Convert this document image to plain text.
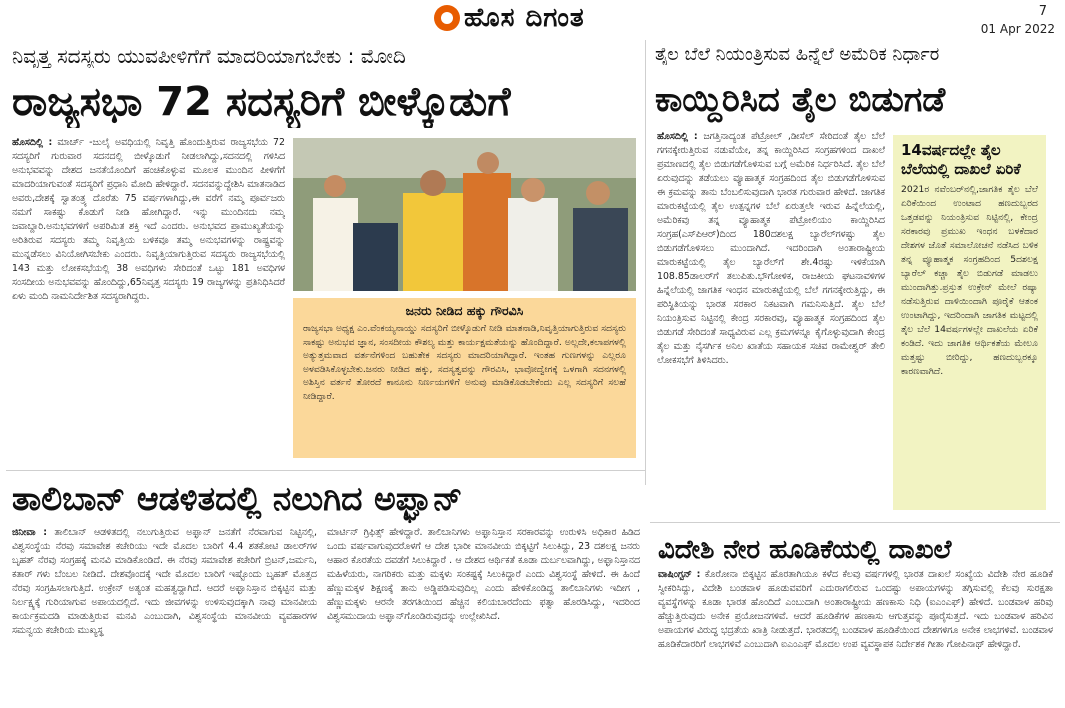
ಹೊಸ ದಿಗಂತ	7
01 Apr 2022
ನಿವೃತ್ತ ಸದಸ್ಯರು ಯುವಪೀಳಿಗೆಗೆ ಮಾದರಿಯಾಗಬೇಕು : ಮೋದಿ
ರಾಜ್ಯಸಭಾ 72 ಸದಸ್ಯರಿಗೆ ಬೀಳ್ಕೊಡುಗೆ
ಹೊಸದಿಲ್ಲಿ : ಮಾರ್ಚ್ -ಜುಲೈ ಅವಧಿಯಲ್ಲಿ ನಿವೃತ್ತಿ ಹೊಂದುತ್ತಿರುವ ರಾಜ್ಯಸಭೆಯ 72 ಸದಸ್ಯರಿಗೆ ಗುರುವಾರ ಸದನದಲ್ಲಿ ಬೀಳ್ಕೊಡುಗೆ ನೀಡಲಾಗಿದ್ದು,ಸದನದಲ್ಲಿ ಗಳಿಸಿದ ಅನುಭವವನ್ನು ದೇಶದ ಜನತೆಯೊಂದಿಗೆ ಹಂಚಿಕೊಳ್ಳುವ ಮೂಲಕ ಮುಂದಿನ ಪೀಳಿಗೆಗೆ ಮಾದರಿಯಾಗುವಂತೆ ಸದಸ್ಯರಿಗೆ ಪ್ರಧಾನಿ ಮೋದಿ ಹೇಳಿದ್ದಾರೆ. ಸದನವನ್ನುದ್ದೇಶಿಸಿ ಮಾತನಾಡಿದ ಅವರು,ದೇಶಕ್ಕೆ ಸ್ವಾತಂತ್ರ್ಯ ದೊರೆತು 75 ವರ್ಷಗಳಾಗಿದ್ದು,ಈ ವರೆಗೆ ನಮ್ಮ ಪೂರ್ವಜರು ನಮಗೆ ಸಾಕಷ್ಟು ಕೊಡುಗೆ ನೀಡಿ ಹೋಗಿದ್ದಾರೆ. ಇನ್ನು ಮುಂದಿನದು ನಮ್ಮ ಜವಾಬ್ದಾರಿ.ಅನುಭವಗಳಿಗೆ ಅಪರಿಮಿತ ಶಕ್ತಿ ಇದೆ ಎಂದರು. ಅನುಭವದ ಪ್ರಾಮುಖ್ಯತೆಯನ್ನು ಅರಿತಿರುವ ಸದಸ್ಯರು ತಮ್ಮ ನಿವೃತ್ತಿಯ ಬಳಿಕವೂ ತಮ್ಮ ಅನುಭವಗಳನ್ನು ರಾಷ್ಟ್ರವನ್ನು ಮುನ್ನಡೆಸಲು ವಿನಿಯೋಗಿಸಬೇಕು ಎಂದರು. ನಿವೃತ್ತಿಯಾಗುತ್ತಿರುವ ಸದಸ್ಯರು ರಾಜ್ಯಸಭೆಯಲ್ಲಿ 143 ಮತ್ತು ಲೋಕಸಭೆಯಲ್ಲಿ 38 ಅವಧಿಗಳು ಸೇರಿದಂತೆ ಒಟ್ಟು 181 ಅವಧಿಗಳ ಸಂಸದೀಯ ಅನುಭವವನ್ನು ಹೊಂದಿದ್ದು,65ನಿವೃತ್ತ ಸದಸ್ಯರು 19 ರಾಜ್ಯಗಳನ್ನು ಪ್ರತಿನಿಧಿಸಿದರೆ ಏಳು ಮಂದಿ ನಾಮನಿರ್ದೇಶಿತ ಸದಸ್ಯರಾಗಿದ್ದರು.
ಜನರು ನೀಡಿದ ಹಕ್ಕು ಗೌರವಿಸಿ
ರಾಜ್ಯಸಭಾ ಅಧ್ಯಕ್ಷ ಎಂ.ವೆಂಕಯ್ಯನಾಯ್ಡು ಸದಸ್ಯರಿಗೆ ಬೀಳ್ಕೊಡುಗೆ ನೀಡಿ ಮಾತನಾಡಿ,ನಿವೃತ್ತಿಯಾಗುತ್ತಿರುವ ಸದಸ್ಯರು ಸಾಕಷ್ಟು ಅನುಭವ ಜ್ಞಾನ, ಸಂಸದೀಯ ಕೌಶಲ್ಯ ಮತ್ತು ಕಾರ್ಯಕ್ಷಮತೆಯನ್ನು ಹೊಂದಿದ್ದಾರೆ. ಅಲ್ಲದೇ,ಕಲಾಪಗಳಲ್ಲಿ ಅತ್ಯುತ್ತಮವಾದ ವರ್ತನೆಗಳಿಂದ ಬಹುತೇಕ ಸದಸ್ಯರು ಮಾದರಿಯಾಗಿದ್ದಾರೆ. ಇಂತಹ ಗುಣಗಳನ್ನು ಎಲ್ಲರೂ ಅಳವಡಿಸಿಕೊಳ್ಳಬೇಕು.ಜನರು ನೀಡಿದ ಹಕ್ಕು, ಸದಸ್ಯತ್ವವನ್ನು ಗೌರವಿಸಿ, ಭಾವೋದ್ವೇಗಕ್ಕೆ ಒಳಗಾಗಿ ಸದನಗಳಲ್ಲಿ ಅಶಿಸ್ತಿನ ವರ್ತನೆ ತೋರದೆ ಕಾನೂನು ನಿರ್ಣಯಗಳಿಗೆ ಅನುವು ಮಾಡಿಕೊಡಬೇಕೆಂದು ಎಲ್ಲ ಸದಸ್ಯರಿಗೆ ಸಲಹೆ ನೀಡಿದ್ದಾರೆ.
ತೈಲ ಬೆಲೆ ನಿಯಂತ್ರಿಸುವ ಹಿನ್ನೆಲೆ ಅಮೆರಿಕ ನಿರ್ಧಾರ
ಕಾಯ್ದಿರಿಸಿದ ತೈಲ ಬಿಡುಗಡೆ
ಹೊಸದಿಲ್ಲಿ : ಜಗತ್ತಿನಾದ್ಯಂತ ಪೆಟ್ರೋಲ್ ,ಡೀಸೆಲ್ ಸೇರಿದಂತೆ ತೈಲ ಬೆಲೆ ಗಗನಕ್ಕೇರುತ್ತಿರುವ ನಡುವೆಯೇ, ತನ್ನ ಕಾಯ್ದಿರಿಸಿದ ಸಂಗ್ರಹಗಳಿಂದ ದಾಖಲೆ ಪ್ರಮಾಣದಲ್ಲಿ ತೈಲ ಬಿಡುಗಡೆಗೊಳಿಸುವ ಬಗ್ಗೆ ಅಮೆರಿಕ ನಿರ್ಧರಿಸಿದೆ. ತೈಲ ಬೆಲೆ ಏರುವುದನ್ನು ತಡೆಯಲು ವ್ಯೂಹಾತ್ಮಕ ಸಂಗ್ರಹದಿಂದ ತೈಲ ಬಿಡುಗಡೆಗೊಳಿಸುವ ಈ ಕ್ರಮವನ್ನು ತಾನು ಬೆಂಬಲಿಸುವುದಾಗಿ ಭಾರತ ಗುರುವಾರ ಹೇಳಿದೆ. ಜಾಗತಿಕ ಮಾರುಕಟ್ಟೆಯಲ್ಲಿ ತೈಲ ಉತ್ಪನ್ನಗಳ ಬೆಲೆ ಏರುತ್ತಲೇ ಇರುವ ಹಿನ್ನೆಲೆಯಲ್ಲಿ, ಅಮೆರಿಕವು ತನ್ನ ವ್ಯೂಹಾತ್ಮಕ ಪೆಟ್ರೋಲಿಯಂ ಕಾಯ್ದಿರಿಸಿದ ಸಂಗ್ರಹ(ಎಸ್‌ಪಿಆರ್)ದಿಂದ 180ದಶಲಕ್ಷ ಬ್ಯಾರೆಲ್‌ಗಳಷ್ಟು ತೈಲ ಬಿಡುಗಡೆಗೊಳಿಸಲು ಮುಂದಾಗಿದೆ. ಇದರಿಂದಾಗಿ ಅಂತಾರಾಷ್ಟ್ರೀಯ ಮಾರುಕಟ್ಟೆಯಲ್ಲಿ ತೈಲ ಬ್ಯಾರೆಲ್‌ಗೆ ಶೇ.4ರಷ್ಟು ಇಳಿಕೆಯಾಗಿ 108.85ಡಾಲರ್‌ಗೆ ತಲುಪಿತು.ಭೌಗೋಳಿಕ, ರಾಜಕೀಯ ಘಟನಾವಳಿಗಳ ಹಿನ್ನೆಲೆಯಲ್ಲಿ ಜಾಗತಿಕ ಇಂಧನ ಮಾರುಕಟ್ಟೆಯಲ್ಲಿ ಬೆಲೆ ಗಗನಕ್ಕೇರುತ್ತಿದ್ದು, ಈ ಪರಿಸ್ಥಿತಿಯನ್ನು ಭಾರತ ಸರಕಾರ ನಿಕಟವಾಗಿ ಗಮನಿಸುತ್ತಿದೆ. ತೈಲ ಬೆಲೆ ನಿಯಂತ್ರಿಸುವ ನಿಟ್ಟಿನಲ್ಲಿ ಕೇಂದ್ರ ಸರಕಾರವು, ವ್ಯೂಹಾತ್ಮಕ ಸಂಗ್ರಹದಿಂದ ತೈಲ ಬಿಡುಗಡೆ ಸೇರಿದಂತೆ ಸಾಧ್ಯವಿರುವ ಎಲ್ಲ ಕ್ರಮಗಳನ್ನೂ ಕೈಗೊಳ್ಳುವುದಾಗಿ ಕೇಂದ್ರ ತೈಲ ಮತ್ತು ನೈಸರ್ಗಿಕ ಅನಿಲ ಖಾತೆಯ ಸಹಾಯಕ ಸಚಿವ ರಾಮೇಶ್ವರ್ ತೇಲಿ ಲೋಕಸಭೆಗೆ ತಿಳಿಸಿದರು.
14ವರ್ಷದಲ್ಲೇ ತೈಲ ಬೆಲೆಯಲ್ಲಿ ದಾಖಲೆ ಏರಿಕೆ
2021ರ ನವೆಂಬರ್‌ನಲ್ಲಿ,ಜಾಗತಿಕ ತೈಲ ಬೆಲೆ ಏರಿಕೆಯಿಂದ ಉಂಟಾದ ಹಣದುಬ್ಬರದ ಒತ್ತಡವನ್ನು ನಿಯಂತ್ರಿಸುವ ನಿಟ್ಟಿನಲ್ಲಿ, ಕೇಂದ್ರ ಸರಕಾರವು ಪ್ರಮುಖ ಇಂಧನ ಬಳಕೆದಾರ ದೇಶಗಳ ಜೊತೆ ಸಮಾಲೋಚನೆ ನಡೆಸಿದ ಬಳಿಕ ತನ್ನ ವ್ಯೂಹಾತ್ಮಕ ಸಂಗ್ರಹದಿಂದ 5ದಶಲಕ್ಷ ಬ್ಯಾರೆಲ್ ಕಚ್ಚಾ ತೈಲ ಬಿಡುಗಡೆ ಮಾಡಲು ಮುಂದಾಗಿತ್ತು.ಪ್ರಸ್ತುತ ಉಕ್ರೇನ್ ಮೇಲೆ ರಷ್ಯಾ ನಡೆಸುತ್ತಿರುವ ದಾಳಿಯಿಂದಾಗಿ ಪೂರೈಕೆ ಆತಂಕ ಉಂಟಾಗಿದ್ದು, ಇದರಿಂದಾಗಿ ಜಾಗತಿಕ ಮಟ್ಟದಲ್ಲಿ ತೈಲ ಬೆಲೆ 14ವರ್ಷಗಳಲ್ಲೇ ದಾಖಲೆಯ ಏರಿಕೆ ಕಂಡಿದೆ. ಇದು ಜಾಗತಿಕ ಆರ್ಥಿಕತೆಯ ಮೇಲೂ ಮತ್ತಷ್ಟು ಬೀರಿದ್ದು, ಹಣದುಬ್ಬರಕ್ಕೂ ಕಾರಣವಾಗಿದೆ.
ತಾಲಿಬಾನ್ ಆಡಳಿತದಲ್ಲಿ ನಲುಗಿದ ಅಫ್ಘಾನ್
ಜಿನೀವಾ : ತಾಲಿಬಾನ್ ಆಡಳಿತದಲ್ಲಿ ನಲುಗುತ್ತಿರುವ ಅಫ್ಘಾನ್ ಜನತೆಗೆ ನೆರವಾಗುವ ನಿಟ್ಟಿನಲ್ಲಿ, ವಿಶ್ವಸಂಸ್ಥೆಯ ನೆರವು ಸಮಾವೇಶ ಕಚೇರಿಯು ಇದೇ ಮೊದಲ ಬಾರಿಗೆ 4.4 ಶತಕೋಟಿ ಡಾಲರ್‌ಗಳ ಬೃಹತ್ ನೆರವು ಸಂಗ್ರಹಕ್ಕೆ ಮನವಿ ಮಾಡಿಕೊಂಡಿದೆ. ಈ ನೆರವು ಸಮಾವೇಶ ಕಚೇರಿಗೆ ಬ್ರಿಟನ್,ಜರ್ಮನಿ, ಕತಾರ್ ಗಳು ಬೆಂಬಲ ನೀಡಿದೆ. ದೇಶವೊಂದಕ್ಕೆ ಇದೇ ಮೊದಲ ಬಾರಿಗೆ ಇಷ್ಟೊಂದು ಬೃಹತ್ ಮೊತ್ತದ ನೆರವು ಸಂಗ್ರಹಿಸಲಾಗುತ್ತಿದೆ. ಉಕ್ರೇನ್ ಅತ್ಯಂತ ಮಹತ್ವದ್ದಾಗಿದೆ. ಆದರೆ ಅಫ್ಘಾನಿಸ್ತಾನ ಬಿಕ್ಕಟ್ಟಿನ ಮತ್ತು ನಿರ್ಲಕ್ಷ್ಯಕ್ಕೆ ಗುರಿಯಾಗುವ ಅಪಾಯದಲ್ಲಿದೆ. ಇದು ಜೀವಗಳನ್ನು ಉಳಿಸುವುದಕ್ಕಾಗಿ ನಾವು ಮಾನವೀಯ ಕಾರ್ಯಕ್ರಮದಡಿ ಮಾಡುತ್ತಿರುವ ಮನವಿ ಎಂಬುದಾಗಿ, ವಿಶ್ವಸಂಸ್ಥೆಯ ಮಾನವೀಯ ವ್ಯವಹಾರಗಳ ಸಮನ್ವಯ ಕಚೇರಿಯ ಮುಖ್ಯಸ್ಥ
ಮಾರ್ಟಿನ್ ಗ್ರಿಫಿತ್ಸ್ ಹೇಳಿದ್ದಾರೆ. ತಾಲಿಬಾನಿಗಳು ಅಫ್ಘಾನಿಸ್ತಾನ ಸರಕಾರವನ್ನು ಉರುಳಿಸಿ ಅಧಿಕಾರ ಹಿಡಿದ ಒಂದು ವರ್ಷವಾಗುವುದರೊಳಗೆ ಆ ದೇಶ ಭಾರೀ ಮಾನವೀಯ ಬಿಕ್ಕಟ್ಟಿಗೆ ಸಿಲುಕಿದ್ದು, 23 ದಶಲಕ್ಷ ಜನರು ಆಹಾರ ಕೊರತೆಯ ದವಡೆಗೆ ಸಿಲುಕಿದ್ದಾರೆ . ಆ ದೇಶದ ಆರ್ಥಿಕತೆ ಕೂಡಾ ದುರ್ಬಲವಾಗಿದ್ದು, ಅಫ್ಘಾನಿಸ್ತಾನದ ಮಹಿಳೆಯರು, ನಾಗರಿಕರು ಮತ್ತು ಮಕ್ಕಳು ಸಂಕಷ್ಟಕ್ಕೆ ಸಿಲುಕಿದ್ದಾರೆ ಎಂದು ವಿಶ್ವಸಂಸ್ಥೆ ಹೇಳಿದೆ. ಈ ಹಿಂದೆ ಹೆಣ್ಣುಮಕ್ಕಳ ಶಿಕ್ಷಣಕ್ಕೆ ತಾನು ಅಡ್ಡಿಪಡಿಸುವುದಿಲ್ಲ ಎಂದು ಹೇಳಿಕೊಂಡಿದ್ದ ತಾಲಿಬಾನಿಗಳು ಇದೀಗ , ಹೆಣ್ಣುಮಕ್ಕಳು ಆರನೇ ತರಗತಿಯಿಂದ ಹೆಚ್ಚಿನ ಕಲಿಯಬಾರದೆಂದು ಫತ್ವಾ ಹೊರಡಿಸಿದ್ದು, ಇದರಿಂದ ವಿಶ್ವಸಮುದಾಯ ಅಫ್ಘಾನ್‌ಗೊಂಡಿರುವುದನ್ನು ಉಲ್ಲೇಖಿಸಿದೆ.
ವಿದೇಶಿ ನೇರ ಹೂಡಿಕೆಯಲ್ಲಿ ದಾಖಲೆ
ವಾಷಿಂಗ್ಟನ್ : ಕೊರೋನಾ ಬಿಕ್ಕಟ್ಟಿನ ಹೊರತಾಗಿಯೂ ಕಳೆದ ಕೆಲವು ವರ್ಷಗಳಲ್ಲಿ ಭಾರತ ದಾಖಲೆ ಸಂಖ್ಯೆಯ ವಿದೇಶಿ ನೇರ ಹೂಡಿಕೆ ಸ್ವೀಕರಿಸಿದ್ದು, ವಿದೇಶಿ ಬಂಡವಾಳ ಹೂಡುವವರಿಗೆ ಎದುರಾಗಲಿರುವ ಒಂದಷ್ಟು ಅಪಾಯಗಳನ್ನು ತಗ್ಗಿಸುವಲ್ಲಿ ಕೆಲವು ಸುರಕ್ಷತಾ ವ್ಯವಸ್ಥೆಗಳನ್ನು ಕೂಡಾ ಭಾರತ ಹೊಂದಿದೆ ಎಂಬುದಾಗಿ ಅಂತಾರಾಷ್ಟ್ರೀಯ ಹಣಕಾಸು ನಿಧಿ (ಐಎಂಎಫ್) ಹೇಳಿದೆ. ಬಂಡವಾಳ ಹರಿವು ಹೆಚ್ಚುತ್ತಿರುವುದು ಅನೇಕ ಪ್ರಯೋಜನಗಳಿವೆ. ಆದರೆ ಹೂಡಿಕೆಗಳ ಹಣಕಾಸು ಆಗುತ್ತವನ್ನು ಪೂರೈಸುತ್ತದೆ. ಇದು ಬಂಡವಾಳ ಹರಿವಿನ ಅಪಾಯಗಳ ವಿರುದ್ಧ ಭದ್ರತೆಯ ಖಾತ್ರಿ ನೀಡುತ್ತದೆ. ಭಾರತದಲ್ಲಿ ಬಂಡವಾಳ ಹೂಡಿಕೆಯಿಂದ ದೇಶಗಳಿಗೂ ಅನೇಕ ಲಾಭಗಳಿವೆ. ಬಂಡವಾಳ ಹೂಡಿಕೆದಾರರಿಗೆ ಲಾಭಗಳಿವೆ ಎಂಬುದಾಗಿ ಐಎಂಎಫ್ ಮೊದಲ ಉಪ ವ್ಯವಸ್ಥಾಪಕ ನಿರ್ದೇಶಕ ಗೀತಾ ಗೋಪಿನಾಥ್ ಹೇಳಿದ್ದಾರೆ.
